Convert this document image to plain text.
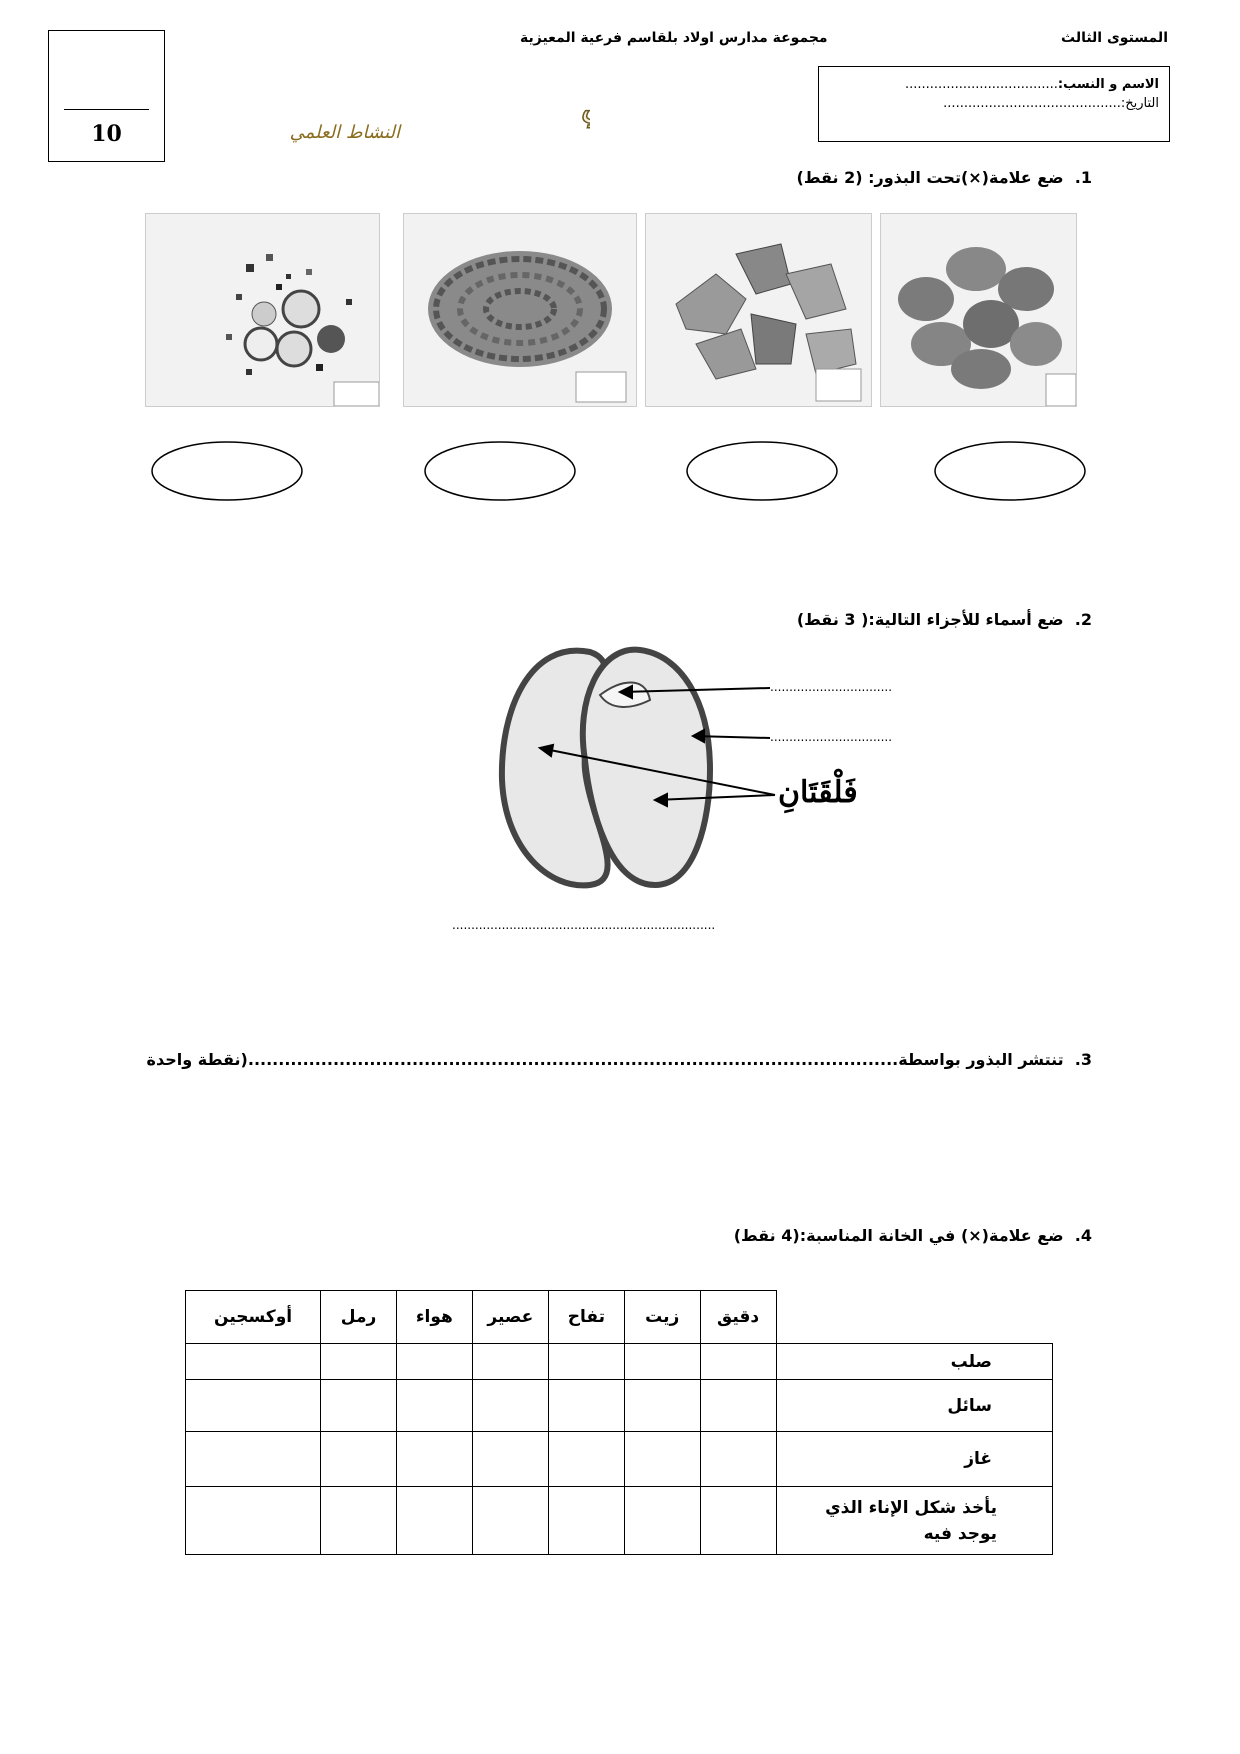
المستوى الثالث
مجموعة مدارس اولاد بلقاسم فرعية المعيزية
10	النشاط العلمي
الاسم و النسب:.....................................
التاريخ:...........................................
1.  ضع علامة(×)تحت البذور: (2 نقط)
2.  ضع أسماء للأجزاء التالية:( 3 نقط)
................................
................................
فَلْقَتَانِ
.....................................................................
3.  تنتشر البذور بواسطة...........................................................................................................(نقطة واحدة
4.  ضع علامة(×) في الخانة المناسبة:(4 نقط)
	دقيق	زيت	تفاح	عصير	هواء	رمل	أوكسجين
صلب							
سائل							
غاز							
يأخذ شكل الإناء الذي يوجد فيه							
